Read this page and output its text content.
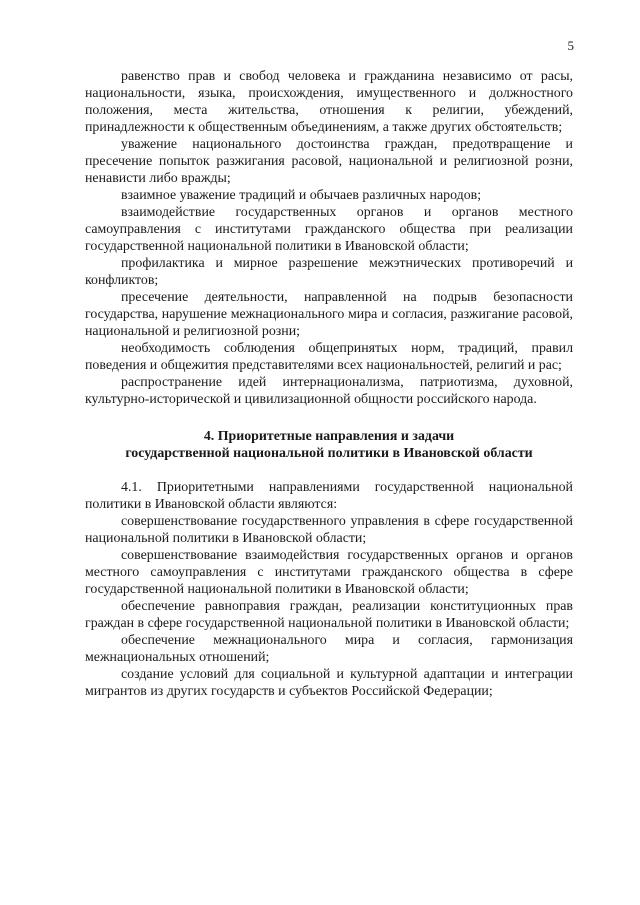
5

равенство прав и свобод человека и гражданина независимо от расы, национальности, языка, происхождения, имущественного и должностного положения, места жительства, отношения к религии, убеждений, принадлежности к общественным объединениям, а также других обстоятельств;

уважение национального достоинства граждан, предотвращение и пресечение попыток разжигания расовой, национальной и религиозной розни, ненависти либо вражды;

взаимное уважение традиций и обычаев различных народов;

взаимодействие государственных органов и органов местного самоуправления с институтами гражданского общества при реализации государственной национальной политики в Ивановской области;

профилактика и мирное разрешение межэтнических противоречий и конфликтов;

пресечение деятельности, направленной на подрыв безопасности государства, нарушение межнационального мира и согласия, разжигание расовой, национальной и религиозной розни;

необходимость соблюдения общепринятых норм, традиций, правил поведения и общежития представителями всех национальностей, религий и рас;

распространение идей интернационализма, патриотизма, духовной, культурно-исторической и цивилизационной общности российского народа.

4. Приоритетные направления и задачи
государственной национальной политики в Ивановской области

4.1. Приоритетными направлениями государственной национальной политики в Ивановской области являются:

совершенствование государственного управления в сфере государственной национальной политики в Ивановской области;

совершенствование взаимодействия государственных органов и органов местного самоуправления с институтами гражданского общества в сфере государственной национальной политики в Ивановской области;

обеспечение равноправия граждан, реализации конституционных прав граждан в сфере государственной национальной политики в Ивановской области;

обеспечение межнационального мира и согласия, гармонизация межнациональных отношений;

создание условий для социальной и культурной адаптации и интеграции мигрантов из других государств и субъектов Российской Федерации;
